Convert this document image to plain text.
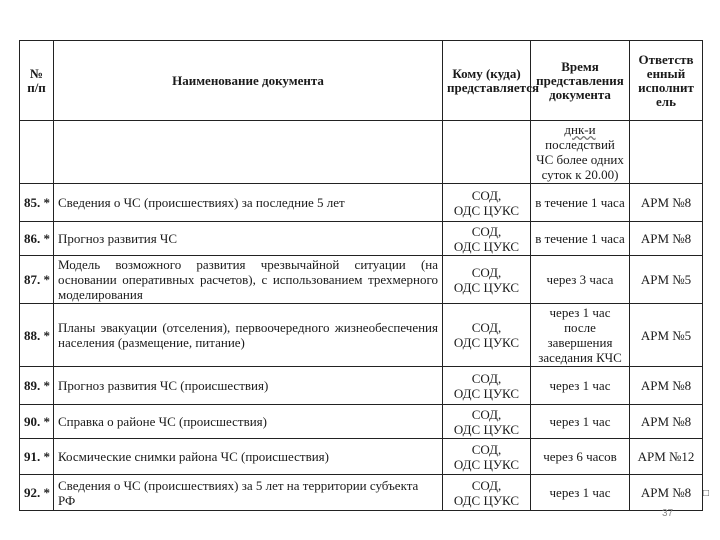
№ п/п	Наименование документа	Кому (куда) представляется	Время представления документа	Ответств енный исполнит ель
			днк-и последствий ЧС более одних суток к 20.00)	
85. *	Сведения о ЧС (происшествиях) за последние 5 лет	СОД,
ОДС ЦУКС	в течение 1 часа	АРМ №8
86. *	Прогноз развития ЧС	СОД,
ОДС ЦУКС	в течение 1 часа	АРМ №8
87. *	Модель возможного развития чрезвычайной ситуации (на основании оперативных расчетов), с использованием трехмерного моделирования	СОД,
ОДС ЦУКС	через 3 часа	АРМ №5
88. *	Планы эвакуации (отселения), первоочередного жизнеобеспечения населения (размещение, питание)	СОД,
ОДС ЦУКС	через 1 час после завершения заседания КЧС	АРМ №5
89. *	Прогноз развития ЧС (происшествия)	СОД,
ОДС ЦУКС	через 1 час	АРМ №8
90. *	Справка о районе ЧС (происшествия)	СОД,
ОДС ЦУКС	через 1 час	АРМ №8
91. *	Космические снимки района ЧС (происшествия)	СОД,
ОДС ЦУКС	через 6 часов	АРМ №12
92. *	Сведения о ЧС (происшествиях) за 5 лет на территории субъекта РФ	СОД,
ОДС ЦУКС	через 1 час	АРМ №8 □
37
